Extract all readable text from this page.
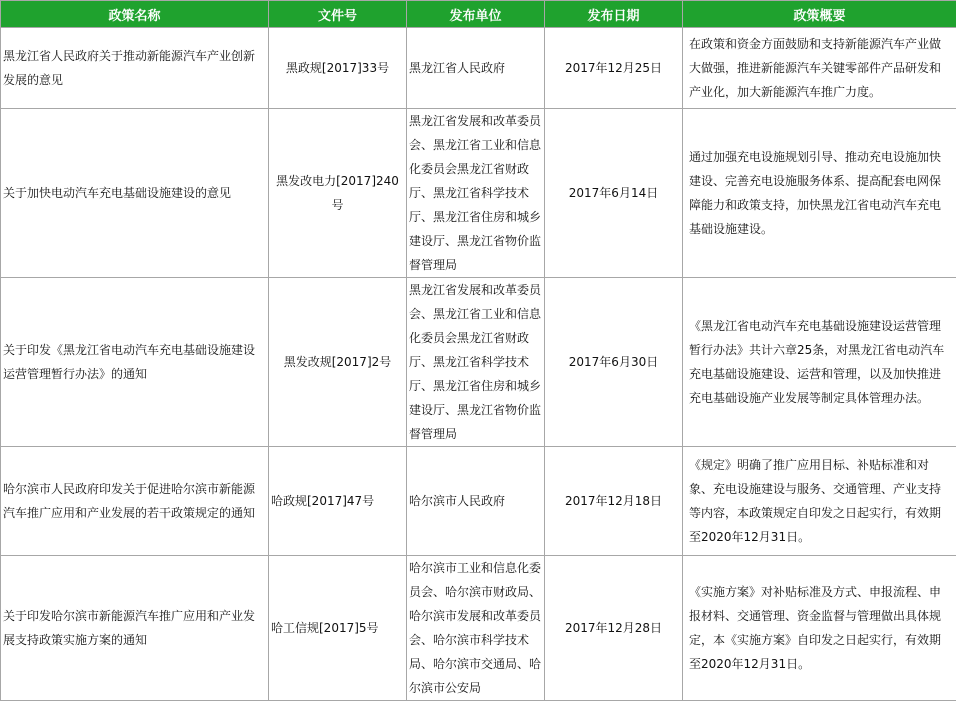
政策名称	文件号	发布单位	发布日期	政策概要
黑龙江省人民政府关于推动新能源汽车产业创新发展的意见	黑政规[2017]33号	黑龙江省人民政府	2017年12月25日	在政策和资金方面鼓励和支持新能源汽车产业做大做强，推进新能源汽车关键零部件产品研发和产业化，加大新能源汽车推广力度。
关于加快电动汽车充电基础设施建设的意见	黑发改电力[2017]240号	黑龙江省发展和改革委员会、黑龙江省工业和信息化委员会黑龙江省财政厅、黑龙江省科学技术厅、黑龙江省住房和城乡建设厅、黑龙江省物价监督管理局	2017年6月14日	通过加强充电设施规划引导、推动充电设施加快建设、完善充电设施服务体系、提高配套电网保障能力和政策支持，加快黑龙江省电动汽车充电基础设施建设。
关于印发《黑龙江省电动汽车充电基础设施建设运营管理暂行办法》的通知	黑发改规[2017]2号	黑龙江省发展和改革委员会、黑龙江省工业和信息化委员会黑龙江省财政厅、黑龙江省科学技术厅、黑龙江省住房和城乡建设厅、黑龙江省物价监督管理局	2017年6月30日	《黑龙江省电动汽车充电基础设施建设运营管理暂行办法》共计六章25条，对黑龙江省电动汽车充电基础设施建设、运营和管理，以及加快推进充电基础设施产业发展等制定具体管理办法。
哈尔滨市人民政府印发关于促进哈尔滨市新能源汽车推广应用和产业发展的若干政策规定的通知	哈政规[2017]47号	哈尔滨市人民政府	2017年12月18日	《规定》明确了推广应用目标、补贴标准和对象、充电设施建设与服务、交通管理、产业支持等内容，本政策规定自印发之日起实行，有效期至2020年12月31日。
关于印发哈尔滨市新能源汽车推广应用和产业发展支持政策实施方案的通知	哈工信规[2017]5号	哈尔滨市工业和信息化委员会、哈尔滨市财政局、哈尔滨市发展和改革委员会、哈尔滨市科学技术局、哈尔滨市交通局、哈尔滨市公安局	2017年12月28日	《实施方案》对补贴标准及方式、申报流程、申报材料、交通管理、资金监督与管理做出具体规定，本《实施方案》自印发之日起实行，有效期至2020年12月31日。
